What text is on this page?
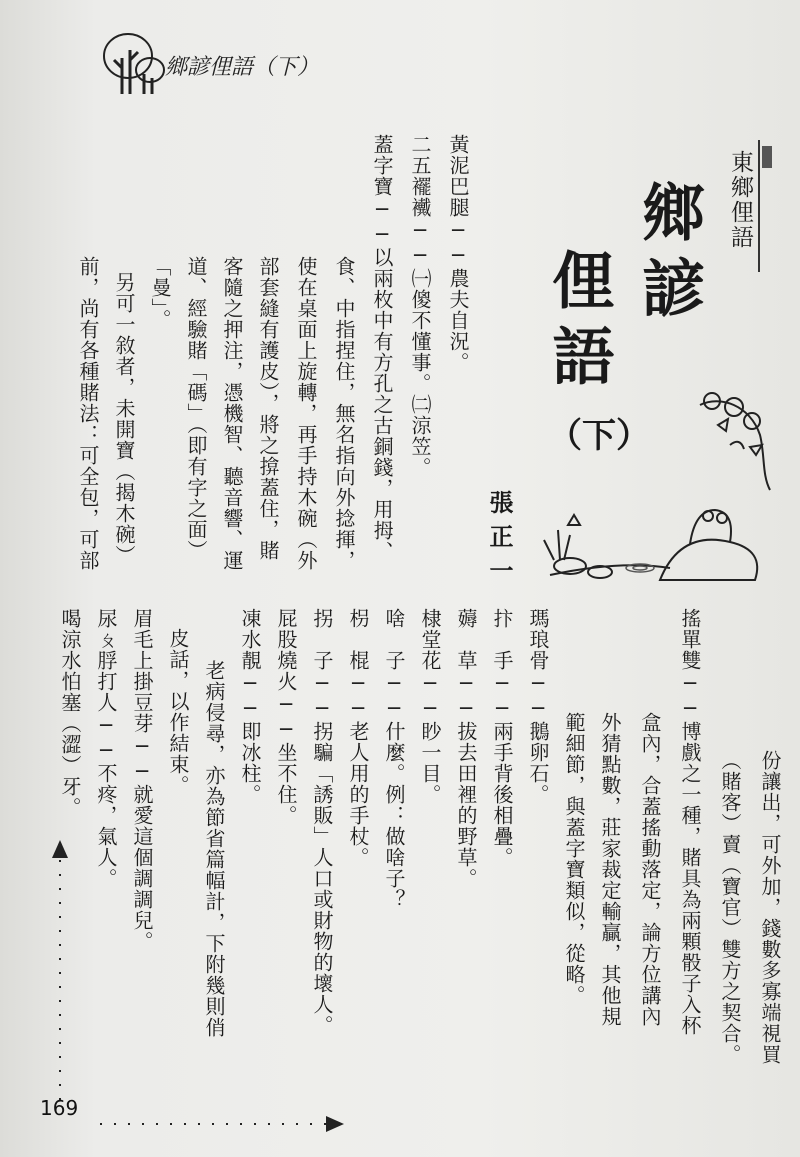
鄉諺俚語（下）
東鄉俚語
鄉諺
俚語
（下）
張正一
份讓出，可外加，錢數多寡端視買
（賭客）賣（寶官）雙方之契合。
搖單雙──博戲之一種，賭具為兩顆骰子入杯
盒內，合蓋搖動落定，論方位講內
外猜點數，莊家裁定輸贏，其他規
範細節，與蓋字寶類似，從略。
黃泥巴腿──農夫自況。
二五襬襶──㈠傻不懂事。㈡涼笠。
蓋字寶──以兩枚中有方孔之古銅錢，用拇、
食、中指捏住，無名指向外捻揮，
使在桌面上旋轉，再手持木碗（外
部套縫有護皮），將之揜蓋住，賭
客隨之押注，憑機智、聽音響、運
道、經驗賭「碼」（即有字之面）
「曼」。
另可一敘者，未開寶（揭木碗）
前，尚有各種賭法：可全包，可部
瑪琅骨──鵝卵石。
抃　手──兩手背後相疊。
薅　草──拔去田裡的野草。
棣堂花──眇一目。
啥　子──什麼。例：做啥子？
枴　棍──老人用的手杖。
拐　子──拐騙「誘販」人口或財物的壞人。
屁股燒火──坐不住。
凍水靚──即冰柱。
老病侵尋，亦為節省篇幅計，下附幾則俏
皮話，以作結束。
眉毛上掛豆芽──就愛這個調調兒。
尿ㄆ脬打人──不疼，氣人。
喝涼水怕塞（澀）牙。
169
